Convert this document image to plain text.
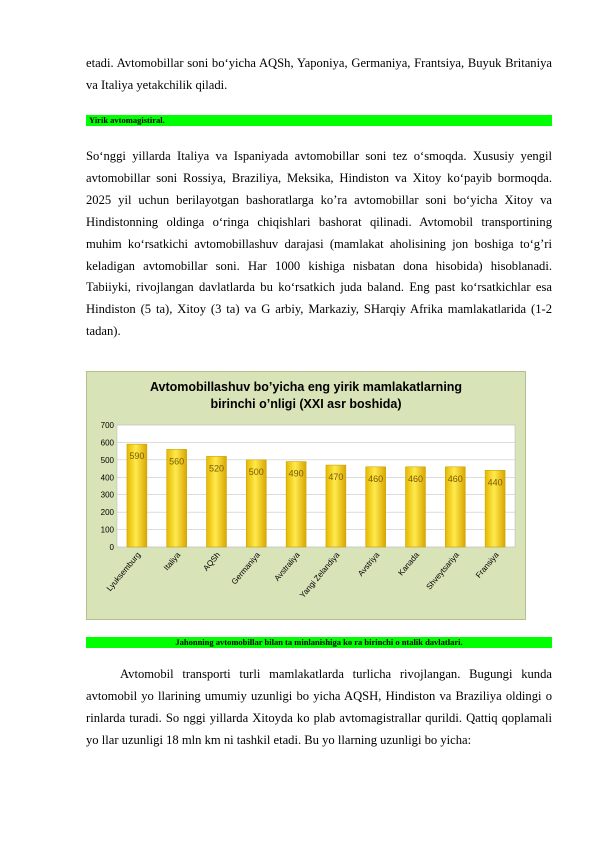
etadi. Avtomobillar soni bo‘yicha AQSh, Yaponiya, Germaniya, Frantsiya, Buyuk Britaniya va Italiya yetakchilik qiladi.

Yirik avtomagistiral.

So‘nggi yillarda Italiya va Ispaniyada avtomobillar soni tez o‘smoqda. Xususiy yengil avtomobillar soni Rossiya, Braziliya, Meksika, Hindiston va Xitoy ko‘payib bormoqda. 2025 yil uchun berilayotgan bashoratlarga ko’ra avtomobillar soni bo‘yicha Xitoy va Hindistonning oldinga o‘ringa chiqishlari bashorat qilinadi. Avtomobil transportining muhim ko‘rsatkichi avtomobillashuv darajasi (mamlakat aholisining jon boshiga to‘g’ri keladigan avtomobillar soni. Har 1000 kishiga nisbatan dona hisobida) hisoblanadi. Tabiiyki, rivojlangan davlatlarda bu ko‘rsatkich juda baland. Eng past ko‘rsatkichlar esa Hindiston (5 ta), Xitoy (3 ta) va G arbiy, Markaziy, SHarqiy Afrika mamlakatlarida (1-2 tadan).

Avtomobillashuv bo’yicha eng yirik mamlakatlarning
birinchi o’nligi (XXI asr boshida)
0
100
200
300
400
500
600
700
590
560
520	500	490	470	460	460	460	440
Lyuksemburg Italiya AQSh Germaniya Avstraliya
Yangi Zelandiya Avstriya Kanada Shveytsariya Fransiya
Jahonning avtomobillar bilan ta minlanishiga ko ra birinchi o ntalik davlatlari.

Avtomobil transporti turli mamlakatlarda turlicha rivojlangan. Bugungi kunda avtomobil yo llarining umumiy uzunligi bo yicha AQSH, Hindiston va Braziliya oldingi o rinlarda turadi. So nggi yillarda Xitoyda ko plab avtomagistrallar qurildi. Qattiq qoplamali yo llar uzunligi 18 mln km ni tashkil etadi. Bu yo llarning uzunligi bo yicha:
